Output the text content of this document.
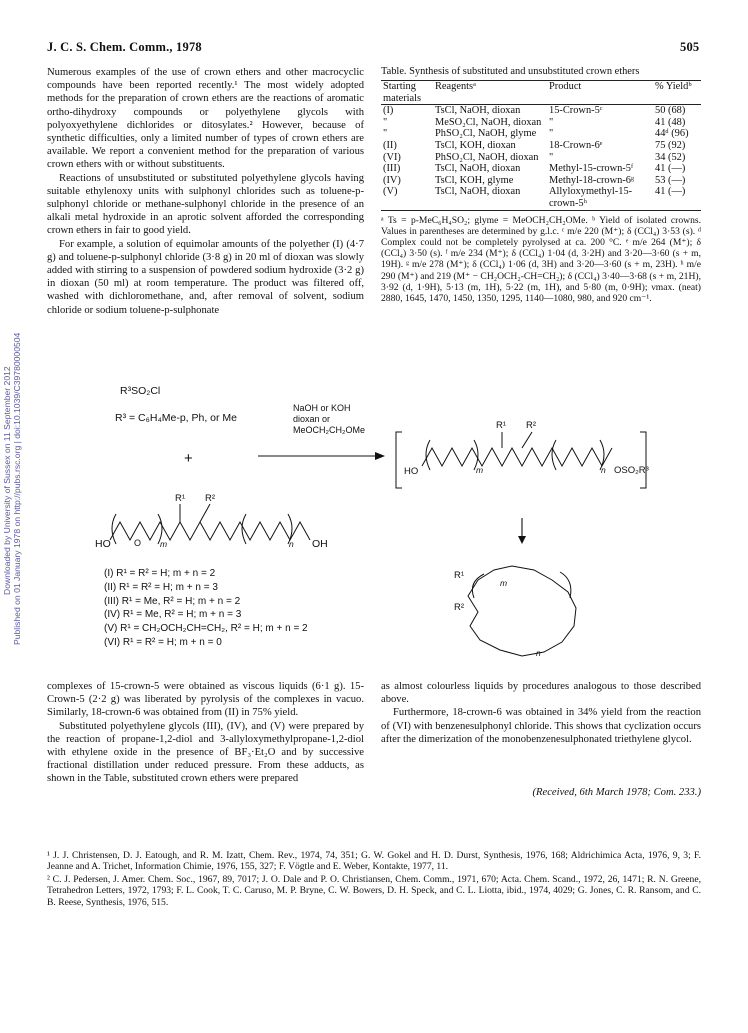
J. C. S. Chem. Comm., 1978	505
Downloaded by University of Sussex on 11 September 2012 Published on 01 January 1978 on http://pubs.rsc.org | doi:10.1039/C39780000504

Numerous examples of the use of crown ethers and other macrocyclic compounds have been reported recently.¹ The most widely adopted methods for the preparation of crown ethers are the reactions of aromatic ortho-dihydroxy compounds or polyethylene glycols with polyoxyethylene dichlorides or ditosylates.² However, because of synthetic difficulties, only a limited number of types of crown ethers are available. We report a convenient method for the preparation of various crown ethers with or without substituents.

Reactions of unsubstituted or substituted polyethylene glycols having suitable ethylenoxy units with sulphonyl chlorides such as toluene-p-sulphonyl chloride or methane-sulphonyl chloride in the presence of an alkali metal hydroxide in an aprotic solvent afforded the corresponding crown ethers in fair to good yield.

For example, a solution of equimolar amounts of the polyether (I) (4·7 g) and toluene-p-sulphonyl chloride (3·8 g) in 20 ml of dioxan was slowly added with stirring to a suspension of powdered sodium hydroxide (3·2 g) in dioxan (50 ml) at room temperature. The product was filtered off, washed with dichloromethane, and, after removal of solvent, sodium chloride or sodium toluene-p-sulphonate

Table. Synthesis of substituted and unsubstituted crown ethers
Starting materials	Reagentsᵃ	Product	% Yieldᵇ
(I)	TsCl, NaOH, dioxan	15-Crown-5ᶜ	50 (68)
"	MeSO₂Cl, NaOH, dioxan	"	41 (48)
"	PhSO₂Cl, NaOH, glyme	"	44ᵈ (96)
(II)	TsCl, KOH, dioxan	18-Crown-6ᵉ	75 (92)
(VI)	PhSO₂Cl, NaOH, dioxan	"	34 (52)
(III)	TsCl, NaOH, dioxan	Methyl-15-crown-5ᶠ	41 (—)
(IV)	TsCl, KOH, glyme	Methyl-18-crown-6ᵍ	53 (—)
(V)	TsCl, NaOH, dioxan	Allyloxymethyl-15-crown-5ʰ	41 (—)
ᵃ Ts = p-MeC₆H₄SO₂; glyme = MeOCH₂CH₂OMe. ᵇ Yield of isolated crowns. Values in parentheses are determined by g.l.c. ᶜ m/e 220 (M⁺); δ (CCl₄) 3·53 (s). ᵈ Complex could not be completely pyrolysed at ca. 200 °C. ᵉ m/e 264 (M⁺); δ (CCl₄) 3·50 (s). ᶠ m/e 234 (M⁺); δ (CCl₄) 1·04 (d, 3·2H) and 3·20—3·60 (s + m, 19H). ᵍ m/e 278 (M⁺); δ (CCl₄) 1·06 (d, 3H) and 3·20—3·60 (s + m, 23H). ʰ m/e 290 (M⁺) and 219 (M⁺ − CH₂OCH₂-CH=CH₂); δ (CCl₄) 3·40—3·68 (s + m, 21H), 3·92 (d, 1·9H), 5·13 (m, 1H), 5·22 (m, 1H), and 5·80 (m, 0·9H); νmax. (neat) 2880, 1645, 1470, 1450, 1350, 1295, 1140—1080, 980, and 920 cm⁻¹.
R³SO₂Cl
R³ = C₆H₄Me-p, Ph, or Me
+
NaOH or KOH
dioxan or
MeOCH₂CH₂OMe
HO	OH
O
R¹ R²
m	n
HO
R¹ R²
m	n OSO₂R³
R¹
R²
m
n
(I) R¹ = R² = H; m + n = 2
(II) R¹ = R² = H; m + n = 3
(III) R¹ = Me, R² = H; m + n = 2
(IV) R¹ = Me, R² = H; m + n = 3
(V) R¹ = CH₂OCH₂CH=CH₂, R² = H; m + n = 2
(VI) R¹ = R² = H; m + n = 0

complexes of 15-crown-5 were obtained as viscous liquids (6·1 g). 15-Crown-5 (2·2 g) was liberated by pyrolysis of the complexes in vacuo. Similarly, 18-crown-6 was obtained from (II) in 75% yield.

Substituted polyethylene glycols (III), (IV), and (V) were prepared by the reaction of propane-1,2-diol and 3-allyloxymethylpropane-1,2-diol with ethylene oxide in the presence of BF₃·Et₂O and by successive fractional distillation under reduced pressure. From these adducts, as shown in the Table, substituted crown ethers were prepared

as almost colourless liquids by procedures analogous to those described above.

Furthermore, 18-crown-6 was obtained in 34% yield from the reaction of (VI) with benzenesulphonyl chloride. This shows that cyclization occurs after the dimerization of the monobenzenesulphonated triethylene glycol.

(Received, 6th March 1978; Com. 233.)

¹ J. J. Christensen, D. J. Eatough, and R. M. Izatt, Chem. Rev., 1974, 74, 351; G. W. Gokel and H. D. Durst, Synthesis, 1976, 168; Aldrichimica Acta, 1976, 9, 3; F. Jeanne and A. Trichet, Information Chimie, 1976, 155, 327; F. Vögtle and E. Weber, Kontakte, 1977, 11.

² C. J. Pedersen, J. Amer. Chem. Soc., 1967, 89, 7017; J. O. Dale and P. O. Christiansen, Chem. Comm., 1971, 670; Acta. Chem. Scand., 1972, 26, 1471; R. N. Greene, Tetrahedron Letters, 1972, 1793; F. L. Cook, T. C. Caruso, M. P. Bryne, C. W. Bowers, D. H. Speck, and C. L. Liotta, ibid., 1974, 4029; G. Jones, C. R. Ransom, and C. B. Reese, Synthesis, 1976, 515.
